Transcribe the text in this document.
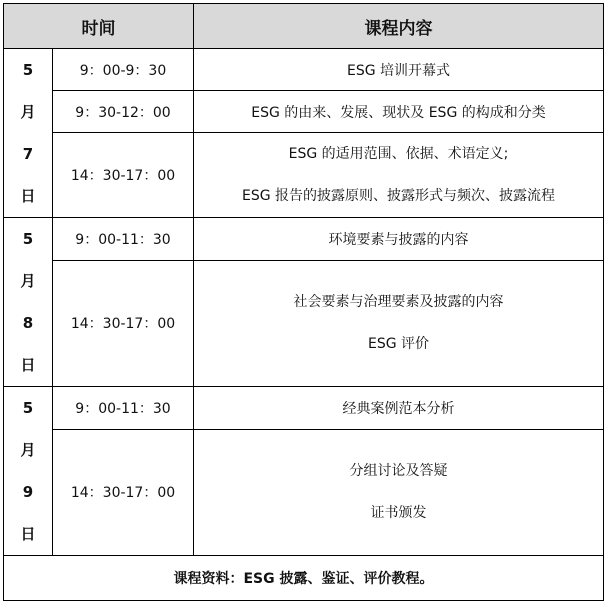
时间		课程内容

5
月
7
日	9：00-9：30	ESG 培训开幕式
	9：30-12：00	ESG 的由来、发展、现状及 ESG 的构成和分类
	14：30-17：00	ESG 的适用范围、依据、术语定义;
ESG 报告的披露原则、披露形式与频次、披露流程

5
月
8
日	9：00-11：30	环境要素与披露的内容
	14：30-17：00	社会要素与治理要素及披露的内容
ESG 评价

5
月
9
日	9：00-11：30	经典案例范本分析
	14：30-17：00	分组讨论及答疑
证书颁发

课程资料：ESG 披露、鉴证、评价教程。		
